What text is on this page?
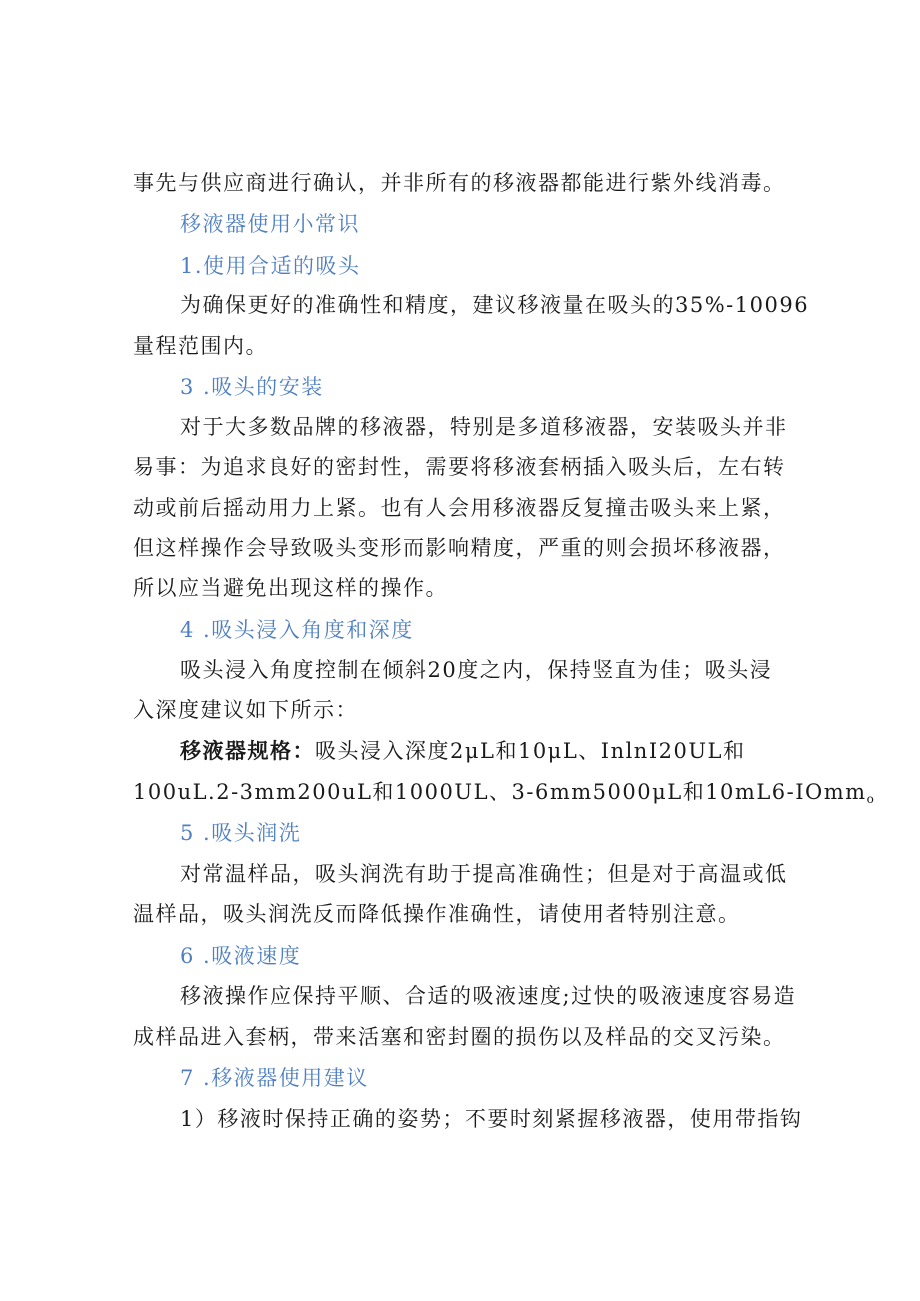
事先与供应商进行确认，并非所有的移液器都能进行紫外线消毒。
移液器使用小常识
1.使用合适的吸头
为确保更好的准确性和精度，建议移液量在吸头的35%-10096
量程范围内。
3 .吸头的安装
对于大多数品牌的移液器，特别是多道移液器，安装吸头并非
易事：为追求良好的密封性，需要将移液套柄插入吸头后，左右转
动或前后摇动用力上紧。也有人会用移液器反复撞击吸头来上紧，
但这样操作会导致吸头变形而影响精度，严重的则会损坏移液器，
所以应当避免出现这样的操作。
4 .吸头浸入角度和深度
吸头浸入角度控制在倾斜20度之内，保持竖直为佳；吸头浸
入深度建议如下所示：
移液器规格：吸头浸入深度2μL和10μL、InlnI20UL和
100uL.2-3mm200uL和1000UL、3-6mm5000μL和10mL6-IOmm$_o$
5 .吸头润洗
对常温样品，吸头润洗有助于提高准确性；但是对于高温或低
温样品，吸头润洗反而降低操作准确性，请使用者特别注意。
6 .吸液速度
移液操作应保持平顺、合适的吸液速度;过快的吸液速度容易造
成样品进入套柄，带来活塞和密封圈的损伤以及样品的交叉污染。
7 .移液器使用建议
1）移液时保持正确的姿势；不要时刻紧握移液器，使用带指钩
